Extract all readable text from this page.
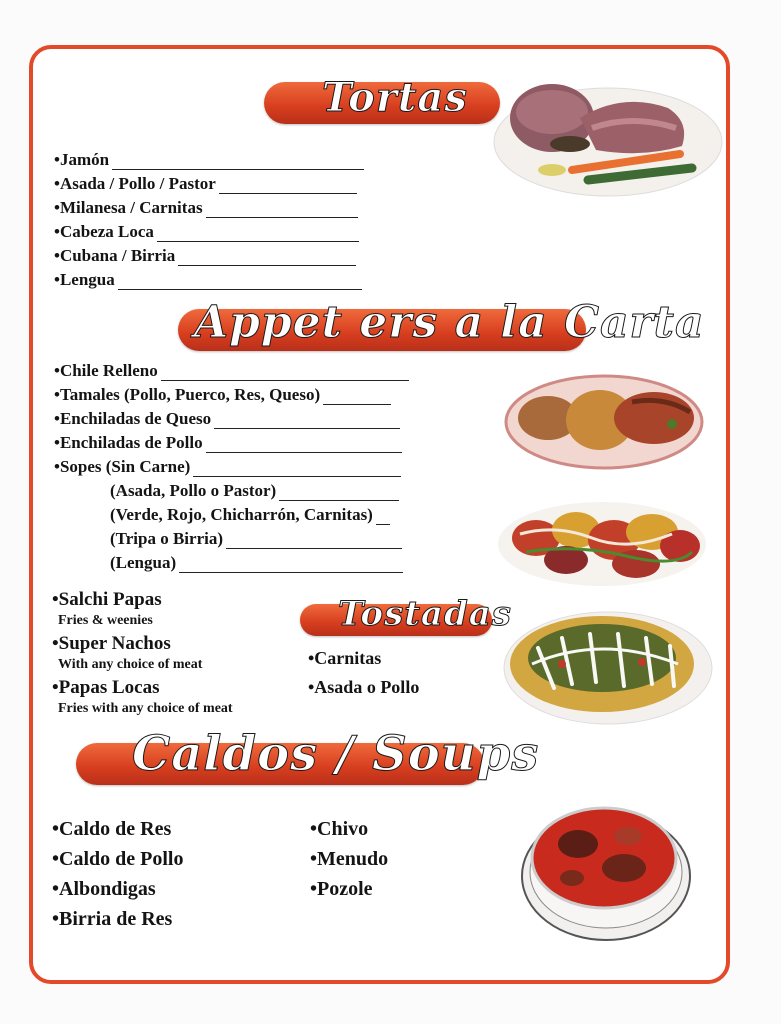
Tortas
•Jamón
•Asada / Pollo / Pastor
•Milanesa / Carnitas
•Cabeza Loca
•Cubana / Birria
•Lengua
Appet ers a la Carta
•Chile Relleno
•Tamales (Pollo, Puerco, Res, Queso)
•Enchiladas de Queso
•Enchiladas de Pollo
•Sopes (Sin Carne)
(Asada, Pollo o Pastor)
(Verde, Rojo, Chicharrón, Carnitas)
(Tripa o Birria)
(Lengua)
•Salchi Papas
Fries & weenies
•Super Nachos
With any choice of meat
•Papas Locas
Fries with any choice of meat
Tostadas
•Carnitas
•Asada o Pollo
Caldos / Soups
•Caldo de Res
•Caldo de Pollo
•Albondigas
•Birria de Res
•Chivo
•Menudo
•Pozole
